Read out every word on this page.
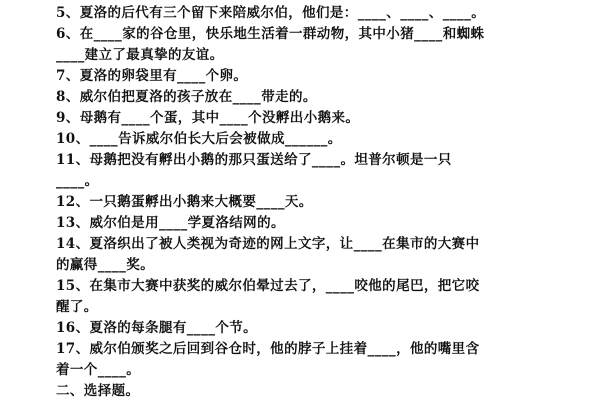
5、夏洛的后代有三个留下来陪威尔伯，他们是：____、____、____。
6、在____家的谷仓里，快乐地生活着一群动物，其中小猪____和蜘蛛
____建立了最真挚的友谊。
7、夏洛的卵袋里有____个卵。
8、威尔伯把夏洛的孩子放在____带走的。
9、母鹅有____个蛋，其中____个没孵出小鹅来。
10、____告诉威尔伯长大后会被做成______。
11、母鹅把没有孵出小鹅的那只蛋送给了____。坦普尔顿是一只
____。
12、一只鹅蛋孵出小鹅来大概要____天。
13、威尔伯是用____学夏洛结网的。
14、夏洛织出了被人类视为奇迹的网上文字，让____在集市的大赛中
的赢得____奖。
15、在集市大赛中获奖的威尔伯晕过去了，____咬他的尾巴，把它咬
醒了。
16、夏洛的每条腿有____个节。
17、威尔伯颁奖之后回到谷仓时，他的脖子上挂着____，他的嘴里含
着一个____。
二、选择题。
